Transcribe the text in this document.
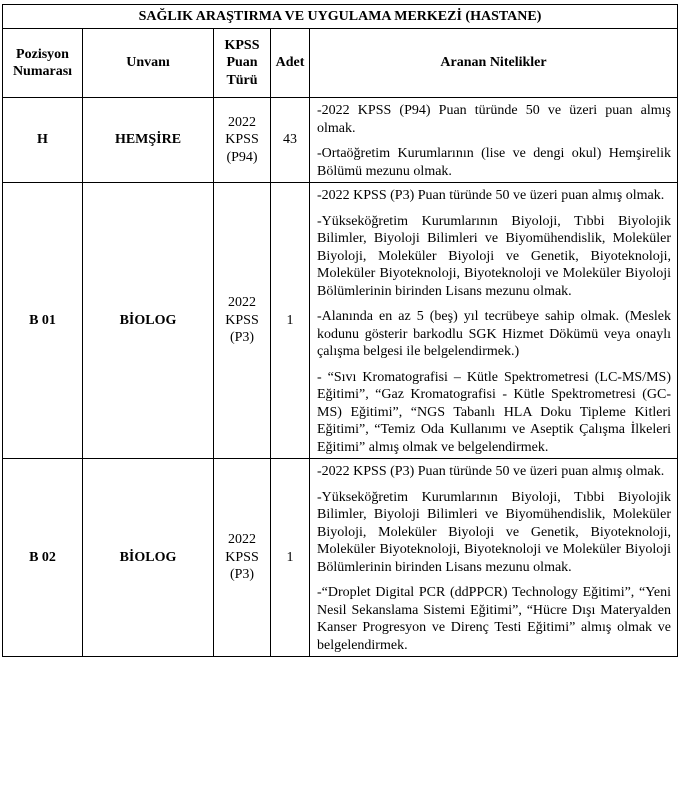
SAĞLIK ARAŞTIRMA VE UYGULAMA MERKEZİ (HASTANE)				
Pozisyon Numarası	Unvanı	KPSS Puan Türü	Adet	Aranan Nitelikler
H	HEMŞİRE	2022 KPSS (P94)	43	-2022 KPSS (P94) Puan türünde 50 ve üzeri puan almış olmak.

-Ortaöğretim Kurumlarının (lise ve dengi okul) Hemşirelik Bölümü mezunu olmak.

B 01	BİOLOG	2022 KPSS (P3)	1	-2022 KPSS (P3) Puan türünde 50 ve üzeri puan almış olmak.

-Yükseköğretim Kurumlarının Biyoloji, Tıbbi Biyolojik Bilimler, Biyoloji Bilimleri ve Biyomühendislik, Moleküler Biyoloji, Moleküler Biyoloji ve Genetik, Biyoteknoloji, Moleküler Biyoteknoloji, Biyoteknoloji ve Moleküler Biyoloji Bölümlerinin birinden Lisans mezunu olmak.

-Alanında en az 5 (beş) yıl tecrübeye sahip olmak. (Meslek kodunu gösterir barkodlu SGK Hizmet Dökümü veya onaylı çalışma belgesi ile belgelendirmek.)

- “Sıvı Kromatografisi – Kütle Spektrometresi (LC-MS/MS) Eğitimi”, “Gaz Kromatografisi - Kütle Spektrometresi (GC-MS) Eğitimi”, “NGS Tabanlı HLA Doku Tipleme Kitleri Eğitimi”, “Temiz Oda Kullanımı ve Aseptik Çalışma İlkeleri Eğitimi” almış olmak ve belgelendirmek.

B 02	BİOLOG	2022 KPSS (P3)	1	-2022 KPSS (P3) Puan türünde 50 ve üzeri puan almış olmak.

-Yükseköğretim Kurumlarının Biyoloji, Tıbbi Biyolojik Bilimler, Biyoloji Bilimleri ve Biyomühendislik, Moleküler Biyoloji, Moleküler Biyoloji ve Genetik, Biyoteknoloji, Moleküler Biyoteknoloji, Biyoteknoloji ve Moleküler Biyoloji Bölümlerinin birinden Lisans mezunu olmak.

-“Droplet Digital PCR (ddPPCR) Technology Eğitimi”, “Yeni Nesil Sekanslama Sistemi Eğitimi”, “Hücre Dışı Materyalden Kanser Progresyon ve Direnç Testi Eğitimi” almış olmak ve belgelendirmek.
